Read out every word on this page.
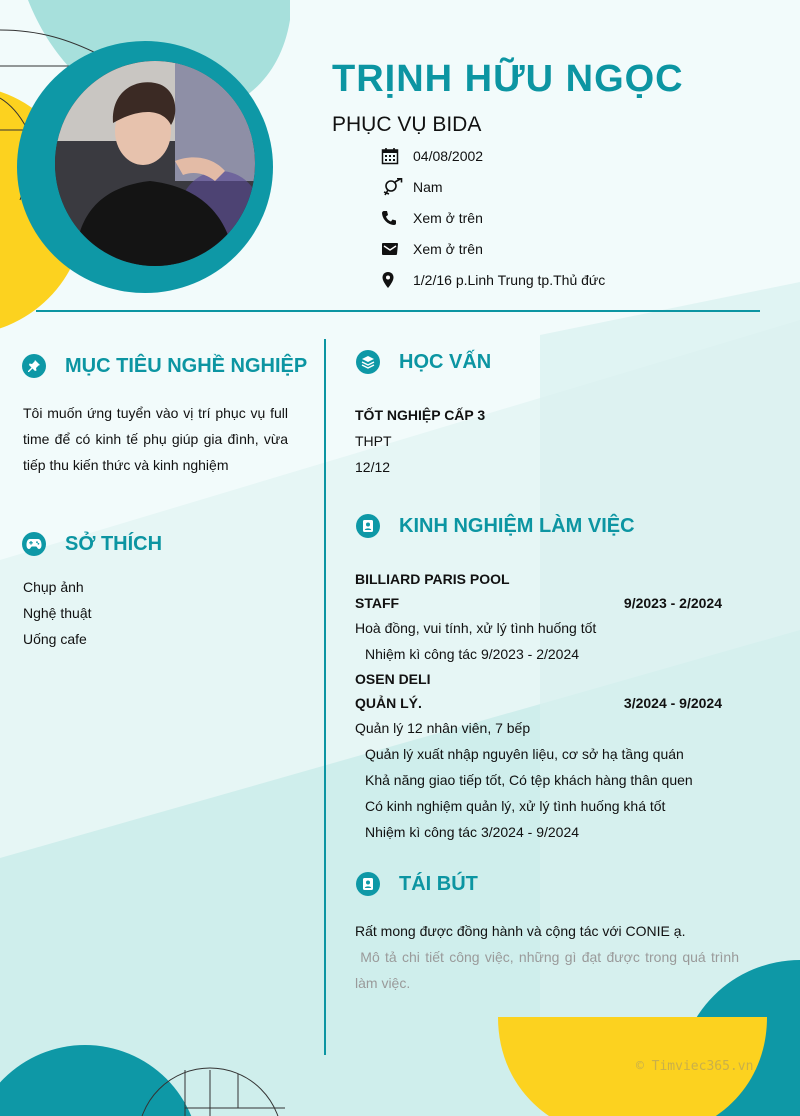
TRỊNH HỮU NGỌC
PHỤC VỤ BIDA
04/08/2002
Nam
Xem ở trên
Xem ở trên
1/2/16 p.Linh Trung tp.Thủ đức
MỤC TIÊU NGHỀ NGHIỆP
Tôi muốn ứng tuyển vào vị trí phục vụ full
time để có kinh tế phụ giúp gia đình, vừa
tiếp thu kiến thức và kinh nghiệm
SỞ THÍCH
Chụp ảnh
Nghệ thuật
Uống cafe
HỌC VẤN
TỐT NGHIỆP CẤP 3
THPT
12/12
KINH NGHIỆM LÀM VIỆC
BILLIARD PARIS POOL
STAFF	9/2023 - 2/2024
Hoà đồng, vui tính, xử lý tình huống tốt
Nhiệm kì công tác 9/2023 - 2/2024
OSEN DELI
QUẢN LÝ.	3/2024 - 9/2024
Quản lý 12 nhân viên, 7 bếp
Quản lý xuất nhập nguyên liệu, cơ sở hạ tầng quán
Khả năng giao tiếp tốt, Có tệp khách hàng thân quen
Có kinh nghiệm quản lý, xử lý tình huống khá tốt
Nhiệm kì công tác 3/2024 - 9/2024
TÁI BÚT
Rất mong được đồng hành và cộng tác với CONIE ạ.
Mô tả chi tiết công việc, những gì đạt được trong quá trình
làm việc.
© Timviec365.vn
